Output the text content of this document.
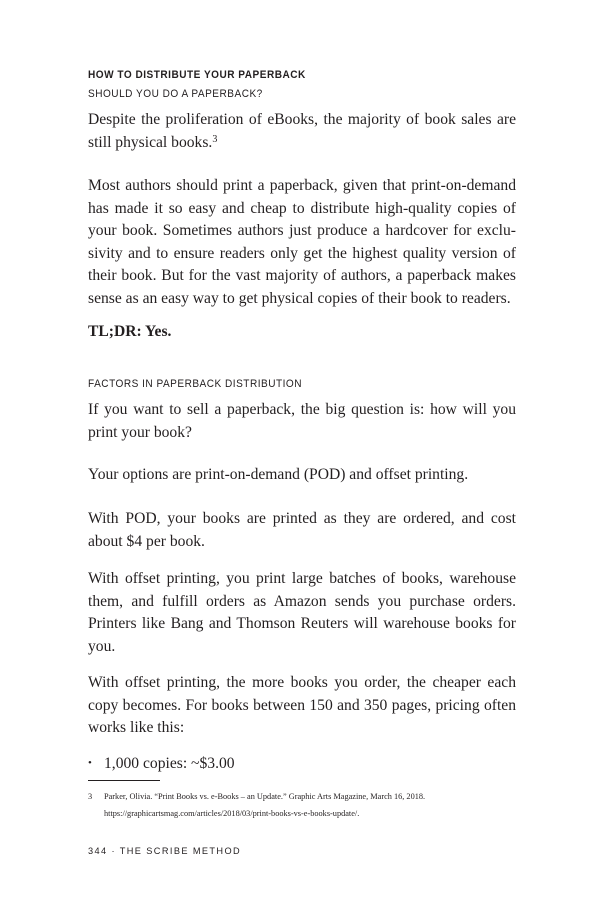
HOW TO DISTRIBUTE YOUR PAPERBACK
SHOULD YOU DO A PAPERBACK?

Despite the proliferation of eBooks, the majority of book sales are still physical books.$^3$

Most authors should print a paperback, given that print-on-demand has made it so easy and cheap to distribute high-quality copies of your book. Sometimes authors just produce a hardcover for exclusivity and to ensure readers only get the highest quality version of their book. But for the vast majority of authors, a paperback makes sense as an easy way to get physical copies of their book to readers.

TL;DR: Yes.

FACTORS IN PAPERBACK DISTRIBUTION

If you want to sell a paperback, the big question is: how will you print your book?

Your options are print-on-demand (POD) and offset printing.

With POD, your books are printed as they are ordered, and cost about $4 per book.

With offset printing, you print large batches of books, warehouse them, and fulfill orders as Amazon sends you purchase orders. Printers like Bang and Thomson Reuters will warehouse books for you.

With offset printing, the more books you order, the cheaper each copy becomes. For books between 150 and 350 pages, pricing often works like this:

• 1,000 copies: ~$3.00
3 Parker, Olivia. “Print Books vs. e-Books – an Update.” Graphic Arts Magazine, March 16, 2018. https://graphicartsmag.com/articles/2018/03/print-books-vs-e-books-update/.
344 · THE SCRIBE METHOD
